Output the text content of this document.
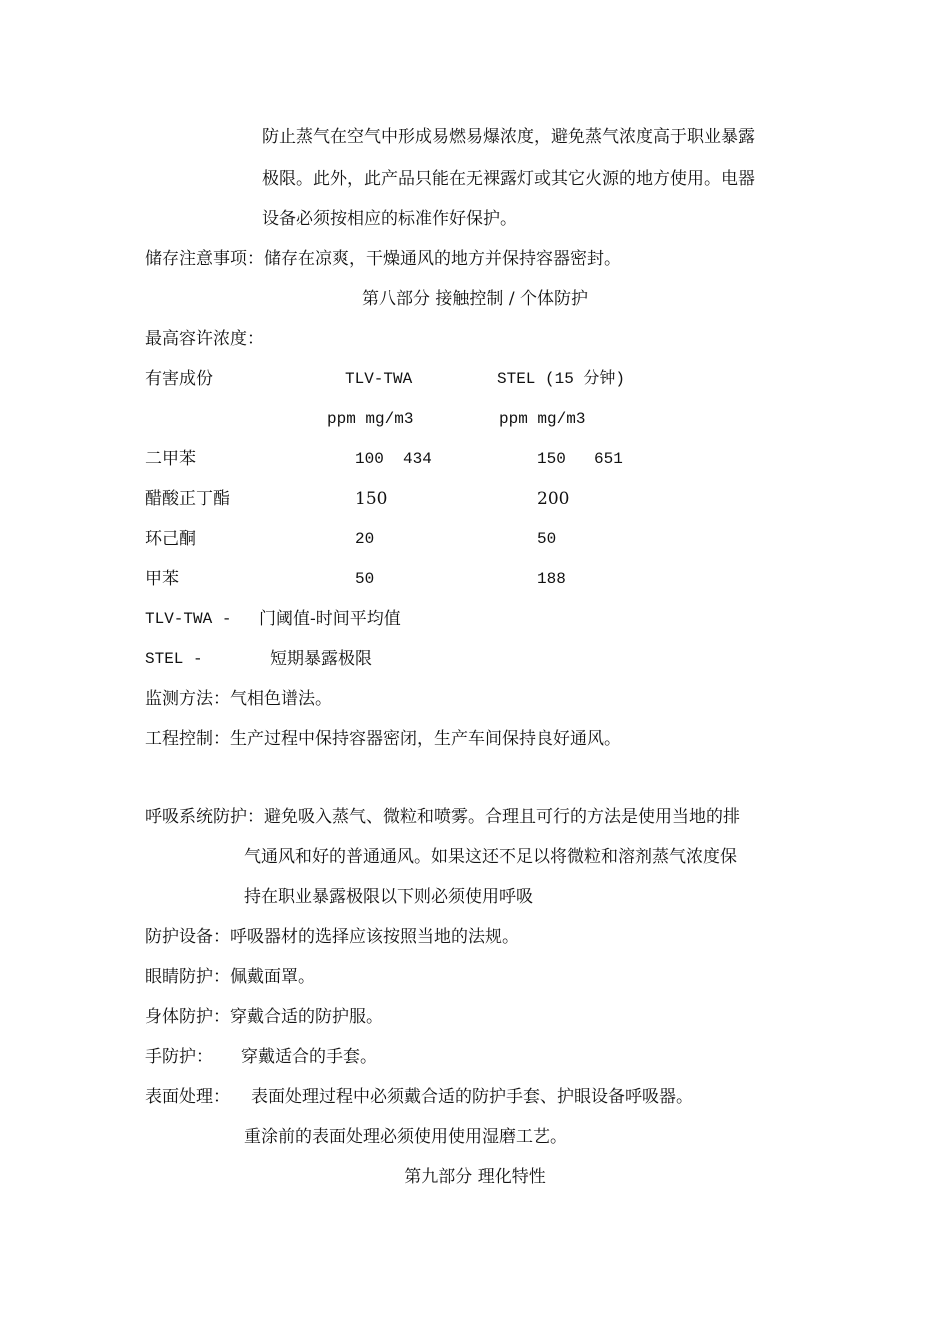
防止蒸气在空气中形成易燃易爆浓度，避免蒸气浓度高于职业暴露
极限。此外，此产品只能在无裸露灯或其它火源的地方使用。电器
设备必须按相应的标准作好保护。
储存注意事项：储存在凉爽，干燥通风的地方并保持容器密封。
第八部分 接触控制 / 个体防护
最高容许浓度：
有害成份	TLV-TWA	STEL (15 分钟)
ppm mg/m3	ppm mg/m3
二甲苯	100 434	150 651
醋酸正丁酯	150	200
环己酮	20	50
甲苯	50	188
TLV-TWA - 门阈值-时间平均值
STEL -	短期暴露极限
监测方法：气相色谱法。
工程控制：生产过程中保持容器密闭，生产车间保持良好通风。
呼吸系统防护：避免吸入蒸气、微粒和喷雾。合理且可行的方法是使用当地的排
气通风和好的普通通风。如果这还不足以将微粒和溶剂蒸气浓度保
持在职业暴露极限以下则必须使用呼吸
防护设备：呼吸器材的选择应该按照当地的法规。
眼睛防护：佩戴面罩。
身体防护：穿戴合适的防护服。
手防护： 穿戴适合的手套。
表面处理： 表面处理过程中必须戴合适的防护手套、护眼设备呼吸器。
重涂前的表面处理必须使用使用湿磨工艺。
第九部分 理化特性
